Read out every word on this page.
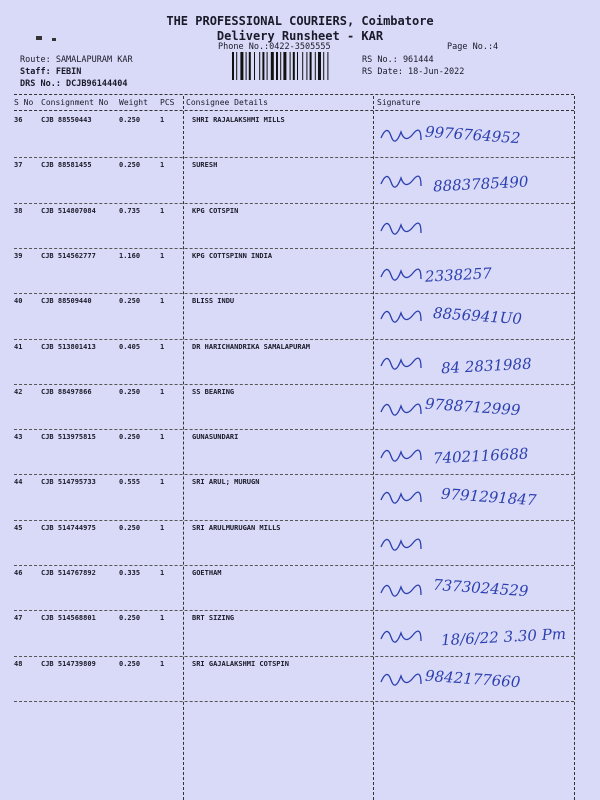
THE PROFESSIONAL COURIERS, Coimbatore
Delivery Runsheet - KAR
Phone No.:0422-3505555	Page No.:4
Route: SAMALAPURAM KAR
Staff: FEBIN
DRS No.: DCJB96144404
RS No.: 961444
RS Date: 18-Jun-2022
S No Consignment No Weight PCS Consignee Details	Signature
36	CJB 88550443	0.250	1	SHRI RAJALAKSHMI MILLS
9976764952
37	CJB 88581455	0.250	1	SURESH
8883785490
38	CJB 514807084	0.735	1	KPG COTSPIN
39	CJB 514562777	1.160	1	KPG COTTSPINN INDIA
2338257
40	CJB 88509440	0.250	1	BLISS INDU
8856941U0
41	CJB 513801413	0.405	1	DR HARICHANDRIKA SAMALAPURAM
84 2831988
42	CJB 88497866	0.250	1	SS BEARING
9788712999
43	CJB 513975815	0.250	1	GUNASUNDARI
7402116688
44	CJB 514795733	0.555	1	SRI ARUL; MURUGN
9791291847
45	CJB 514744975	0.250	1	SRI ARULMURUGAN MILLS
46	CJB 514767892	0.335	1	GOETHAM
7373024529
47	CJB 514568801	0.250	1	BRT SIZING
18/6/22 3.30 Pm
48	CJB 514739809	0.250	1	SRI GAJALAKSHMI COTSPIN
9842177660
